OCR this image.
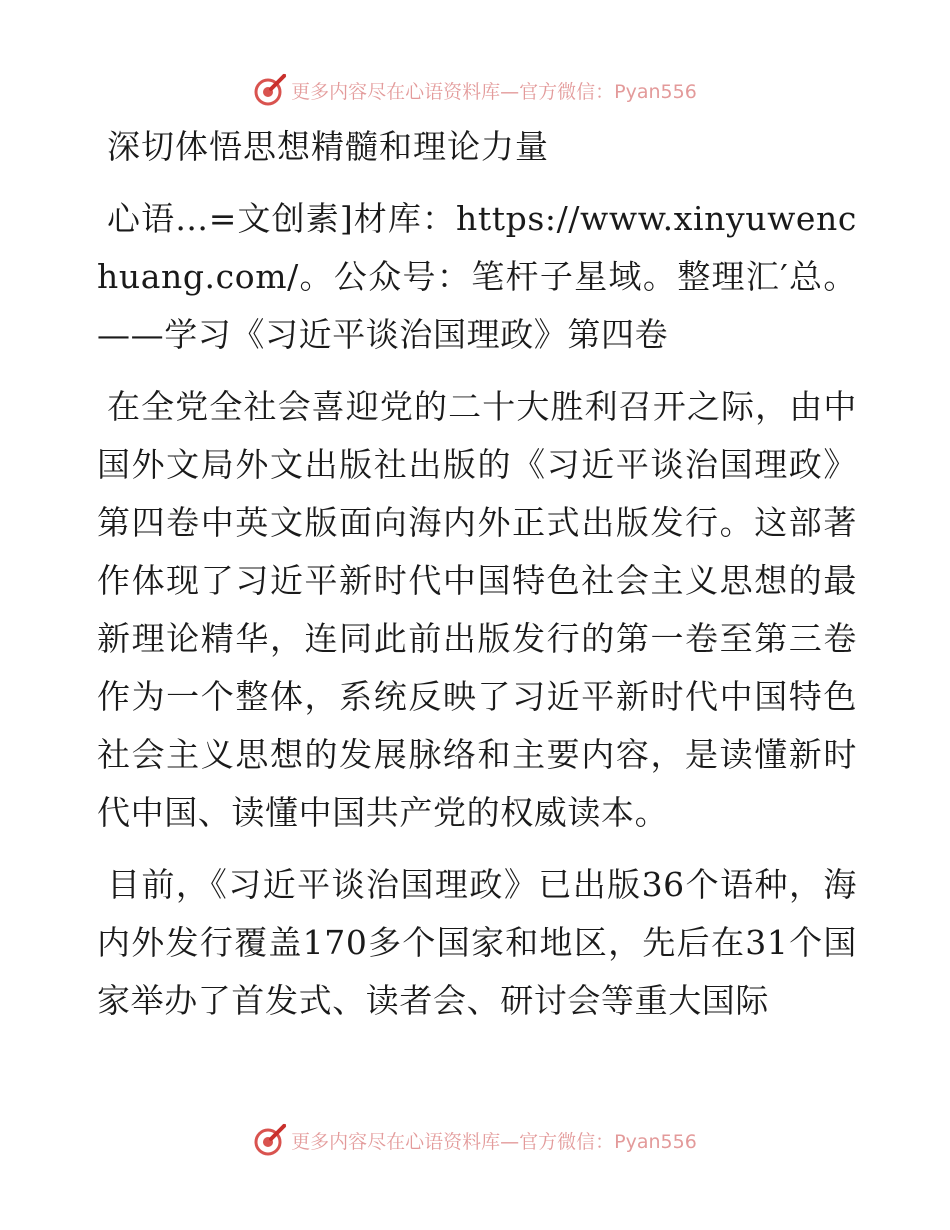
更多内容尽在心语资料库—官方微信：Pyan556
深切体悟思想精髓和理论力量

心语…=文创素]材库：https://www.xinyuwenchuang.com/。公众号：笔杆子星域。整理汇′总。——学习《习近平谈治国理政》第四卷

在全党全社会喜迎党的二十大胜利召开之际，由中国外文局外文出版社出版的《习近平谈治国理政》第四卷中英文版面向海内外正式出版发行。这部著作体现了习近平新时代中国特色社会主义思想的最新理论精华，连同此前出版发行的第一卷至第三卷作为一个整体，系统反映了习近平新时代中国特色社会主义思想的发展脉络和主要内容，是读懂新时代中国、读懂中国共产党的权威读本。

目前，《习近平谈治国理政》已出版36个语种，海内外发行覆盖170多个国家和地区，先后在31个国家举办了首发式、读者会、研讨会等重大国际

更多内容尽在心语资料库—官方微信：Pyan556
